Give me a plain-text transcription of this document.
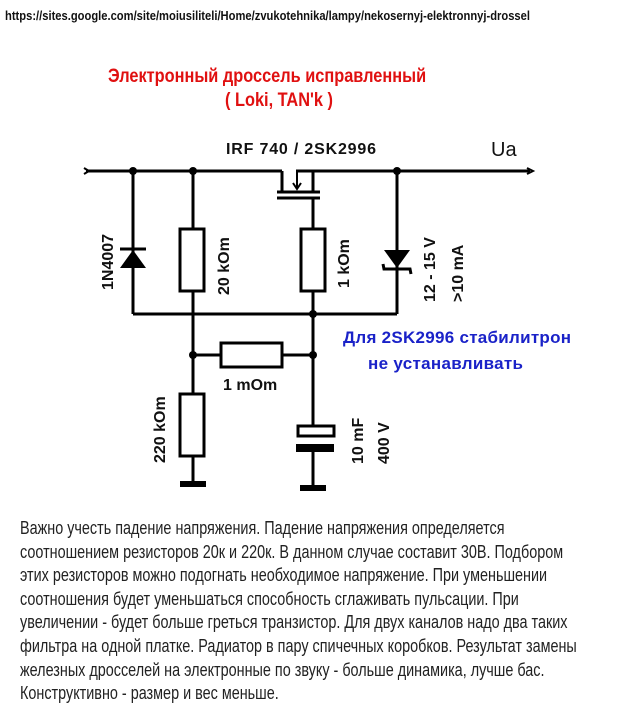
https://sites.google.com/site/moiusiliteli/Home/zvukotehnika/lampy/nekosernyj-elektronnyj-drossel
Электронный дроссель исправленный
( Loki, TAN'k )
IRF 740 / 2SK2996	Ua
1N4007	20 kOm	1 kOm	12 - 15 V >10 mA
1 mOm
220 kOm	10 mF 400 V
Для 2SK2996 стабилитрон
не устанавливать
Важно учесть падение напряжения. Падение напряжения определяется
соотношением резисторов 20к и 220к. В данном случае составит 30В. Подбором
этих резисторов можно подогнать необходимое напряжение. При уменьшении
соотношения будет уменьшаться способность сглаживать пульсации. При
увеличении - будет больше греться транзистор. Для двух каналов надо два таких
фильтра на одной платке. Радиатор в пару спичечных коробков. Результат замены
железных дросселей на электронные по звуку - больше динамика, лучше бас.
Конструктивно - размер и вес меньше.
